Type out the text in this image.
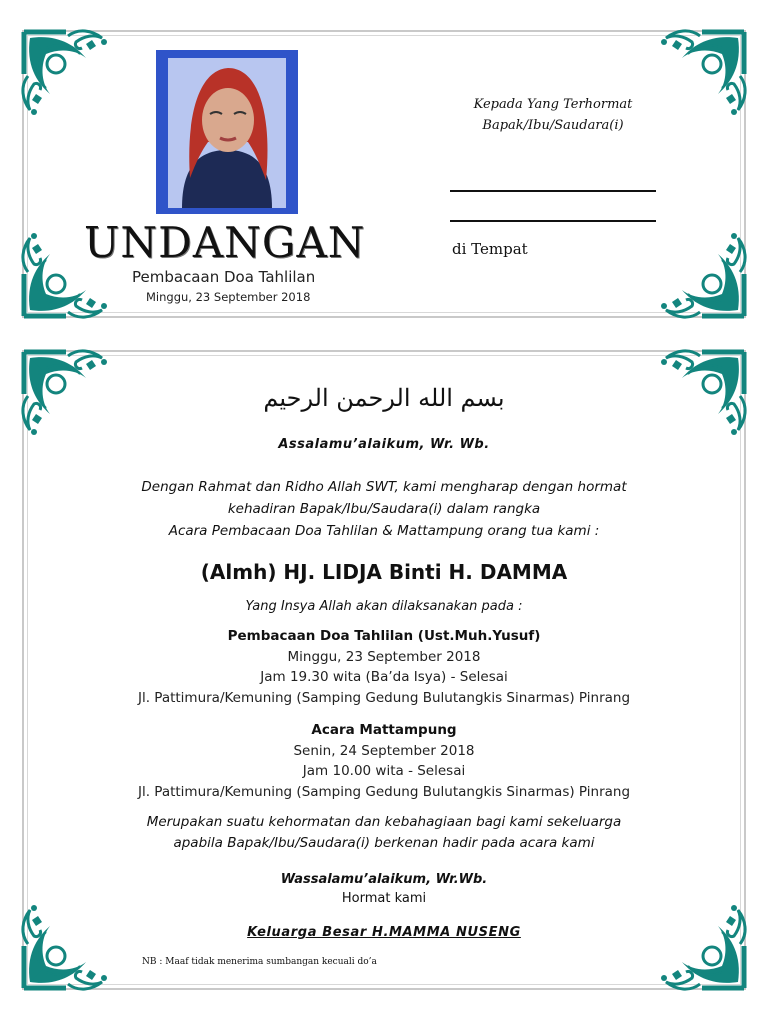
UNDANGAN
Pembacaan Doa Tahlilan
Minggu, 23 September 2018
Kepada Yang Terhormat
Bapak/Ibu/Saudara(i)
di Tempat
بسم الله الرحمن الرحيم
Assalamu’alaikum, Wr. Wb.
Dengan Rahmat dan Ridho Allah SWT, kami mengharap dengan hormat
kehadiran Bapak/Ibu/Saudara(i) dalam rangka
Acara Pembacaan Doa Tahlilan & Mattampung orang tua kami :
(Almh) HJ. LIDJA Binti H. DAMMA
Yang Insya Allah akan dilaksanakan pada :
Pembacaan Doa Tahlilan (Ust.Muh.Yusuf)
Minggu, 23 September 2018
Jam 19.30 wita (Ba’da Isya) - Selesai
Jl. Pattimura/Kemuning (Samping Gedung Bulutangkis Sinarmas) Pinrang
Acara Mattampung
Senin, 24 September 2018
Jam 10.00 wita - Selesai
Jl. Pattimura/Kemuning (Samping Gedung Bulutangkis Sinarmas) Pinrang
Merupakan suatu kehormatan dan kebahagiaan bagi kami sekeluarga
apabila Bapak/Ibu/Saudara(i) berkenan hadir pada acara kami
Wassalamu’alaikum, Wr.Wb.
Hormat kami
Keluarga Besar H.MAMMA NUSENG
NB : Maaf tidak menerima sumbangan kecuali do’a
